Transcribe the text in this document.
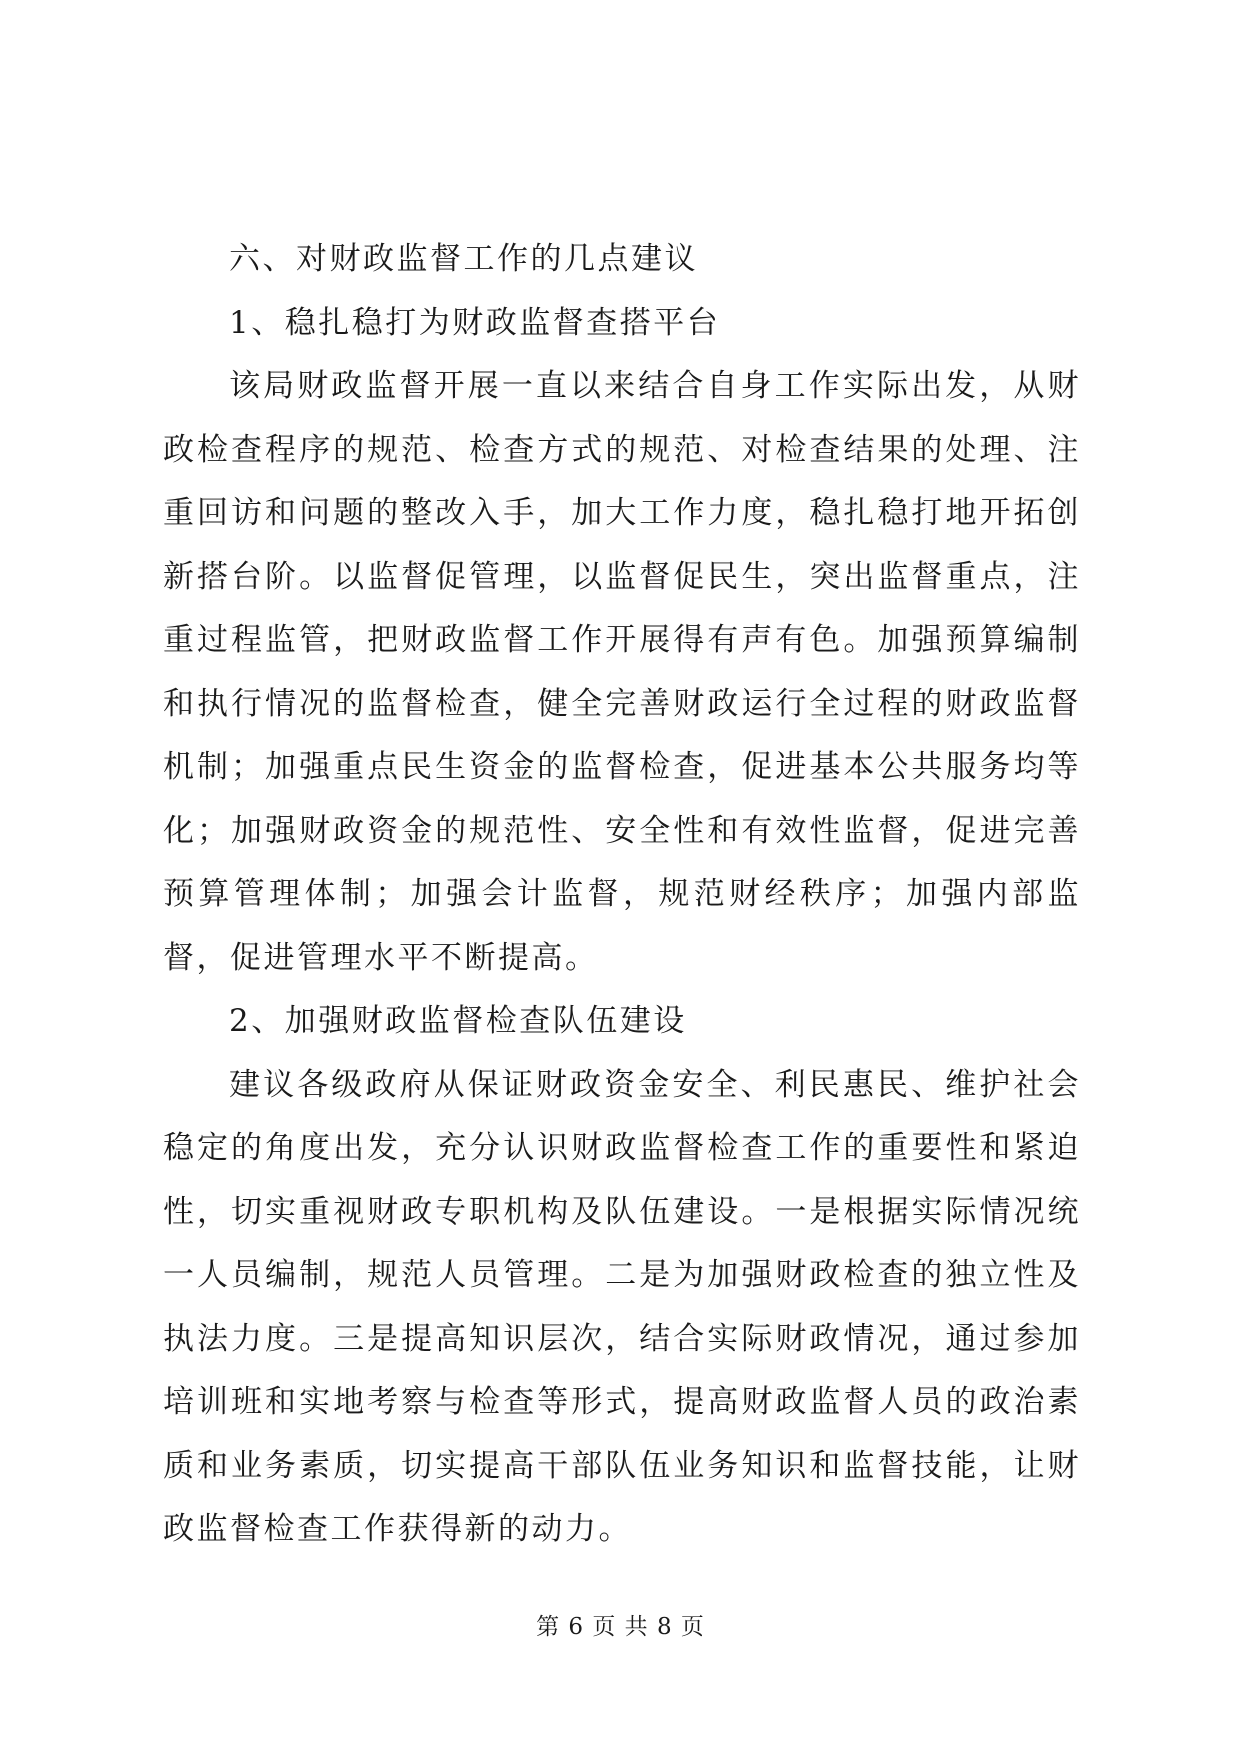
六、对财政监督工作的几点建议

1、稳扎稳打为财政监督查搭平台

该局财政监督开展一直以来结合自身工作实际出发，从财政检查程序的规范、检查方式的规范、对检查结果的处理、注重回访和问题的整改入手，加大工作力度，稳扎稳打地开拓创新搭台阶。以监督促管理，以监督促民生，突出监督重点，注重过程监管，把财政监督工作开展得有声有色。加强预算编制和执行情况的监督检查，健全完善财政运行全过程的财政监督机制；加强重点民生资金的监督检查，促进基本公共服务均等化；加强财政资金的规范性、安全性和有效性监督，促进完善预算管理体制；加强会计监督，规范财经秩序；加强内部监督，促进管理水平不断提高。

2、加强财政监督检查队伍建设

建议各级政府从保证财政资金安全、利民惠民、维护社会稳定的角度出发，充分认识财政监督检查工作的重要性和紧迫性，切实重视财政专职机构及队伍建设。一是根据实际情况统一人员编制，规范人员管理。二是为加强财政检查的独立性及执法力度。三是提高知识层次，结合实际财政情况，通过参加培训班和实地考察与检查等形式，提高财政监督人员的政治素质和业务素质，切实提高干部队伍业务知识和监督技能，让财政监督检查工作获得新的动力。

第 6 页 共 8 页
